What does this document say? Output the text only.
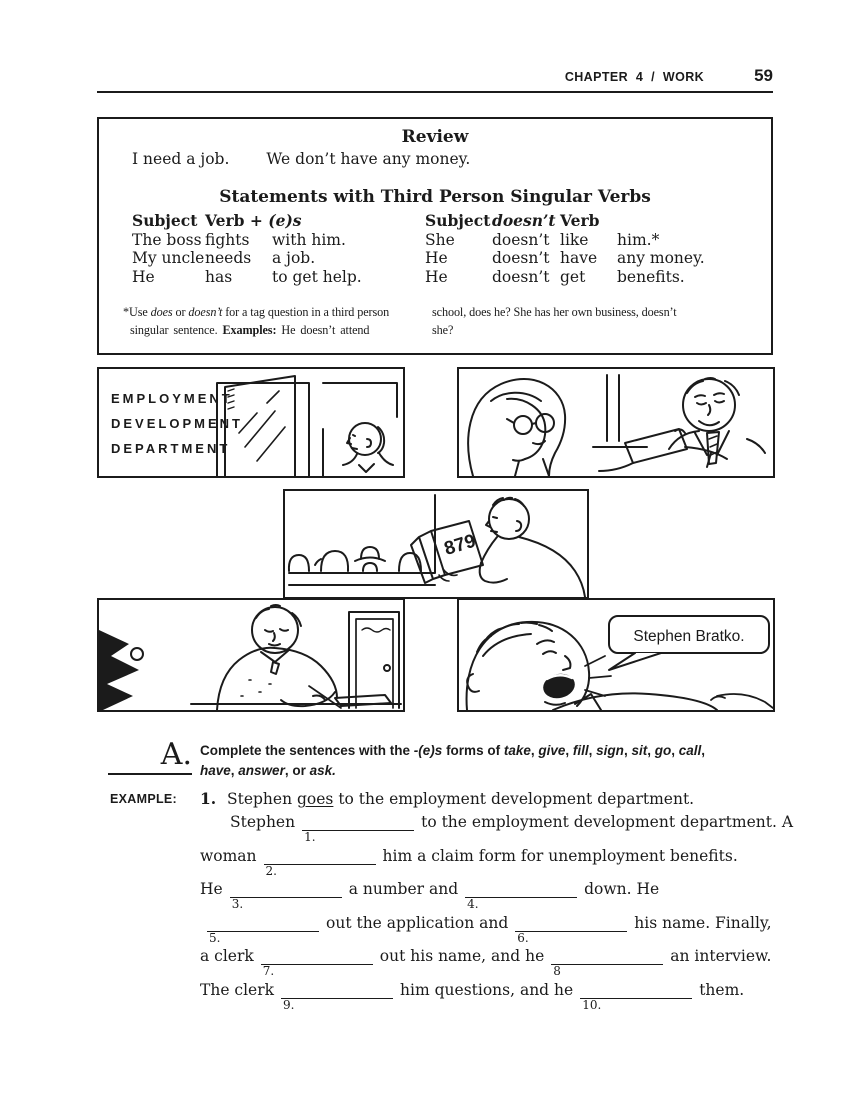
CHAPTER 4 / WORK	59
Review
I need a job. We don’t have any money.
Statements with Third Person Singular Verbs
Subject Verb + (e)s
The boss fights	with him.
My uncle needs	a job.
He	has	to get help.
Subject doesn’t Verb
She	doesn’t like	him.*
He	doesn’t have	any money.
He	doesn’t get	benefits.
*Use does or doesn’t for a tag question in a third person
singular sentence. Examples: He doesn’t attend
school, does he? She has her own business, doesn’t
she?
EMPLOYMENT
DEVELOPMENT
DEPARTMENT
879
Stephen Bratko.
A. Complete the sentences with the -(e)s forms of take, give, fill, sign, sit, go, call,
have, answer, or ask.
EXAMPLE: 1.  Stephen goes to the employment development department.
Stephen
1.
to the employment development department. A
woman
2.
him a claim form for unemployment benefits.
He
3.
a number and
4.
down. He
5.
out the application and
6.
his name. Finally,
a clerk
7.
out his name, and he
8
an interview.
The clerk
9.
him questions, and he
10.
them.
